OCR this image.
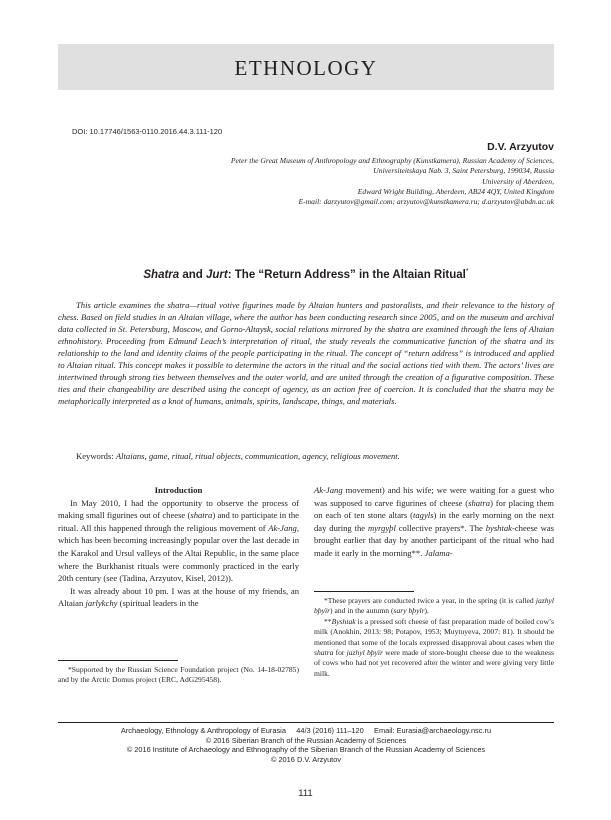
ETHNOLOGY
DOI: 10.17746/1563-0110.2016.44.3.111-120
D.V. Arzyutov
Peter the Great Museum of Anthropology and Ethnography (Kunstkamera), Russian Academy of Sciences,
Universiteitskaya Nab. 3, Saint Petersburg, 199034, Russia
University of Aberdeen,
Edward Wright Building, Aberdeen, AB24 4QY, United Kingdom
E-mail: darzyutov@gmail.com; arzyutov@kunstkamera.ru; d.arzyutov@abdn.ac.uk
Shatra and Jurt: The “Return Address” in the Altaian Ritual*

This article examines the shatra—ritual votive figurines made by Altaian hunters and pastoralists, and their relevance to the history of chess. Based on field studies in an Altaian village, where the author has been conducting research since 2005, and on the museum and archival data collected in St. Petersburg, Moscow, and Gorno-Altaysk, social relations mirrored by the shatra are examined through the lens of Altaian ethnohistory. Proceeding from Edmund Leach’s interpretation of ritual, the study reveals the communicative function of the shatra and its relationship to the land and identity claims of the people participating in the ritual. The concept of “return address” is introduced and applied to Altaian ritual. This concept makes it possible to determine the actors in the ritual and the social actions tied with them. The actors’ lives are intertwined through strong ties between themselves and the outer world, and are united through the creation of a figurative composition. These ties and their changeability are described using the concept of agency, as an action free of coercion. It is concluded that the shatra may be metaphorically interpreted as a knot of humans, animals, spirits, landscape, things, and materials.

Keywords: Altaians, game, ritual, ritual objects, communication, agency, religious movement.

Introduction

In May 2010, I had the opportunity to observe the process of making small figurines out of cheese (shatra) and to participate in the ritual. All this happened through the religious movement of Ak-Jang, which has been becoming increasingly popular over the last decade in the Karakol and Ursul valleys of the Altai Republic, in the same place where the Burkhanist rituals were commonly practiced in the early 20th century (see (Tadina, Arzyutov, Kisel, 2012)).

It was already about 10 pm. I was at the house of my friends, an Altaian jarlykchy (spiritual leaders in the

Ak-Jang movement) and his wife; we were waiting for a guest who was supposed to carve figurines of cheese (shatra) for placing them on each of ten stone altars (tagyls) in the early morning on the next day during the myrgyþl collective prayers*. The byshtak-cheese was brought earlier that day by another participant of the ritual who had made it early in the morning**. Jalama-

*Supported by the Russian Science Foundation project (No. 14-18-02785) and by the Arctic Domus project (ERC, AdG295458).

*These prayers are conducted twice a year, in the spring (it is called jazhyl bþyïr) and in the autumn (sary bþyïr).

**Byshtak is a pressed soft cheese of fast preparation made of boiled cow’s milk (Anokhin, 2013: 98; Potapov, 1953; Muytuyeva, 2007: 81). It should be mentioned that some of the locals expressed disapproval about cases when the shatra for jazhyl bþyïr were made of store-bought cheese due to the weakness of cows who had not yet recovered after the winter and were giving very little milk.

Archaeology, Ethnology & Anthropology of Eurasia 44/3 (2016) 111–120 Email: Eurasia@archaeology.nsc.ru
© 2016 Siberian Branch of the Russian Academy of Sciences
© 2016 Institute of Archaeology and Ethnography of the Siberian Branch of the Russian Academy of Sciences
© 2016 D.V. Arzyutov
111
